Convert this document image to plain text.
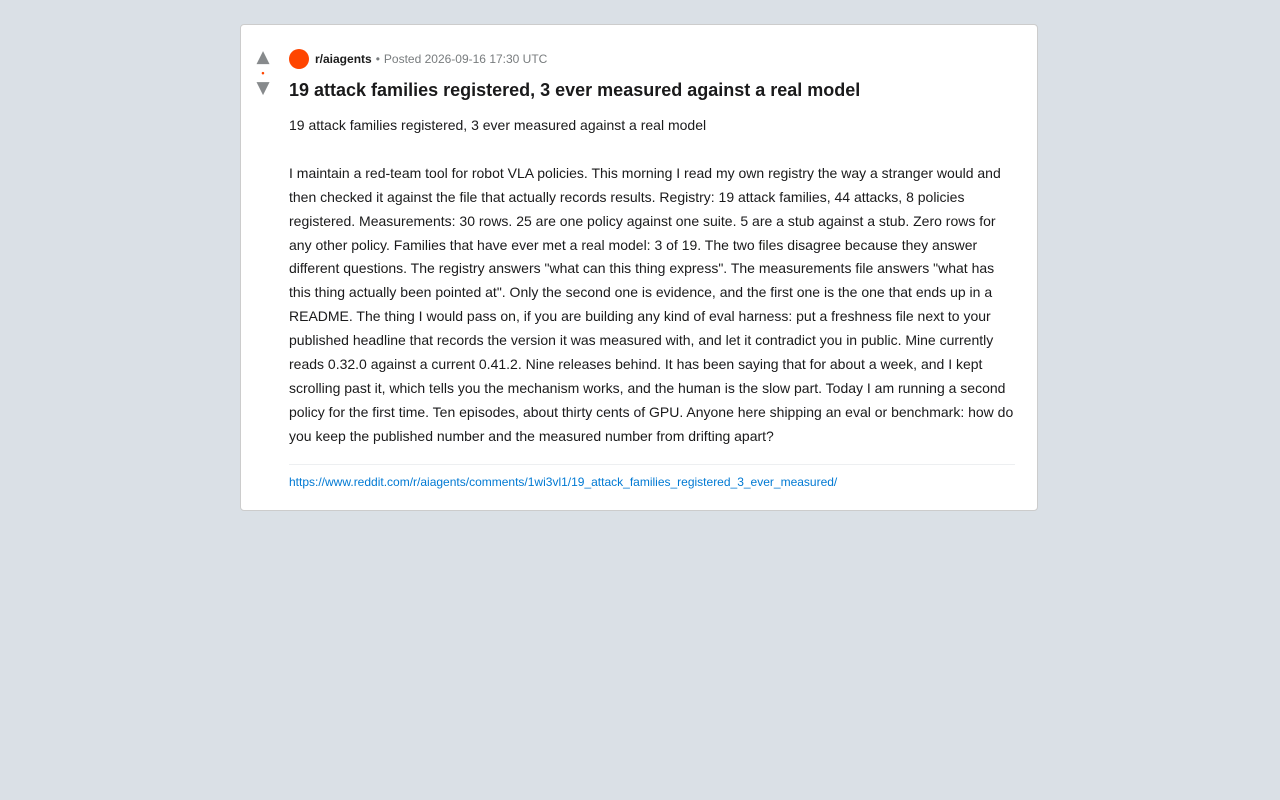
▲
•
▼
r/aiagents • Posted 2026-09-16 17:30 UTC
19 attack families registered, 3 ever measured against a real model

19 attack families registered, 3 ever measured against a real model

I maintain a red-team tool for robot VLA policies. This morning I read my own registry the way a stranger would and then checked it against the file that actually records results. Registry: 19 attack families, 44 attacks, 8 policies registered. Measurements: 30 rows. 25 are one policy against one suite. 5 are a stub against a stub. Zero rows for any other policy. Families that have ever met a real model: 3 of 19. The two files disagree because they answer different questions. The registry answers "what can this thing express". The measurements file answers "what has this thing actually been pointed at". Only the second one is evidence, and the first one is the one that ends up in a README. The thing I would pass on, if you are building any kind of eval harness: put a freshness file next to your published headline that records the version it was measured with, and let it contradict you in public. Mine currently reads 0.32.0 against a current 0.41.2. Nine releases behind. It has been saying that for about a week, and I kept scrolling past it, which tells you the mechanism works, and the human is the slow part. Today I am running a second policy for the first time. Ten episodes, about thirty cents of GPU. Anyone here shipping an eval or benchmark: how do you keep the published number and the measured number from drifting apart?

https://www.reddit.com/r/aiagents/comments/1wi3vl1/19_attack_families_registered_3_ever_measured/
